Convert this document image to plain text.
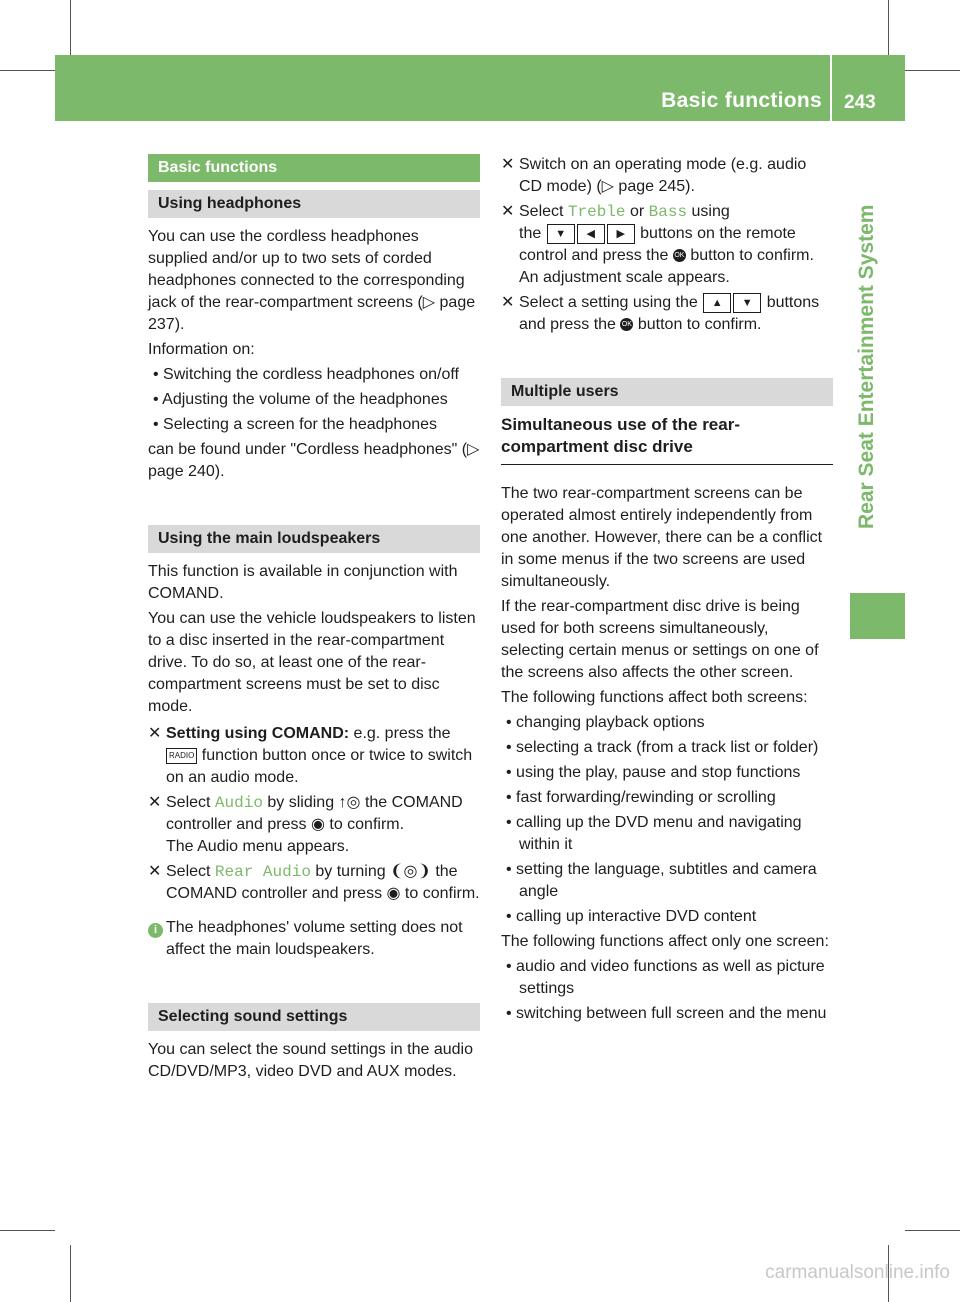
Basic functions 243
Rear Seat Entertainment System
Basic functions
Using headphones

You can use the cordless headphones supplied and/or up to two sets of corded headphones connected to the corresponding jack of the rear-compartment screens (▷ page 237).

Information on:

• Switching the cordless headphones on/off

• Adjusting the volume of the headphones

• Selecting a screen for the headphones

can be found under "Cordless headphones" (▷ page 240).

Using the main loudspeakers

This function is available in conjunction with COMAND.

You can use the vehicle loudspeakers to listen to a disc inserted in the rear-compartment drive. To do so, at least one of the rear-compartment screens must be set to disc mode.

✕ Setting using COMAND: e.g. press the
RADIO function button once or twice to switch on an audio mode.
✕ Select Audio by sliding ↑◎ the COMAND controller and press ◉ to confirm.
The Audio menu appears.
✕ Select Rear Audio by turning ❨◎❩ the COMAND controller and press ◉ to confirm.
i The headphones' volume setting does not affect the main loudspeakers.
Selecting sound settings

You can select the sound settings in the audio CD/DVD/MP3, video DVD and AUX modes.

✕ Switch on an operating mode (e.g. audio CD mode) (▷ page 245).
✕ Select Treble or Bass using
the ▼ ◀ ▶ buttons on the remote control and press the OK button to confirm.
An adjustment scale appears.
✕ Select a setting using the ▲ ▼ buttons and press the OK button to confirm.
Multiple users
Simultaneous use of the rear-compartment disc drive

The two rear-compartment screens can be operated almost entirely independently from one another. However, there can be a conflict in some menus if the two screens are used simultaneously.

If the rear-compartment disc drive is being used for both screens simultaneously, selecting certain menus or settings on one of the screens also affects the other screen.

The following functions affect both screens:

• changing playback options

• selecting a track (from a track list or folder)

• using the play, pause and stop functions

• fast forwarding/rewinding or scrolling

• calling up the DVD menu and navigating within it

• setting the language, subtitles and camera angle

• calling up interactive DVD content

The following functions affect only one screen:

• audio and video functions as well as picture settings

• switching between full screen and the menu

carmanualsonline.info
